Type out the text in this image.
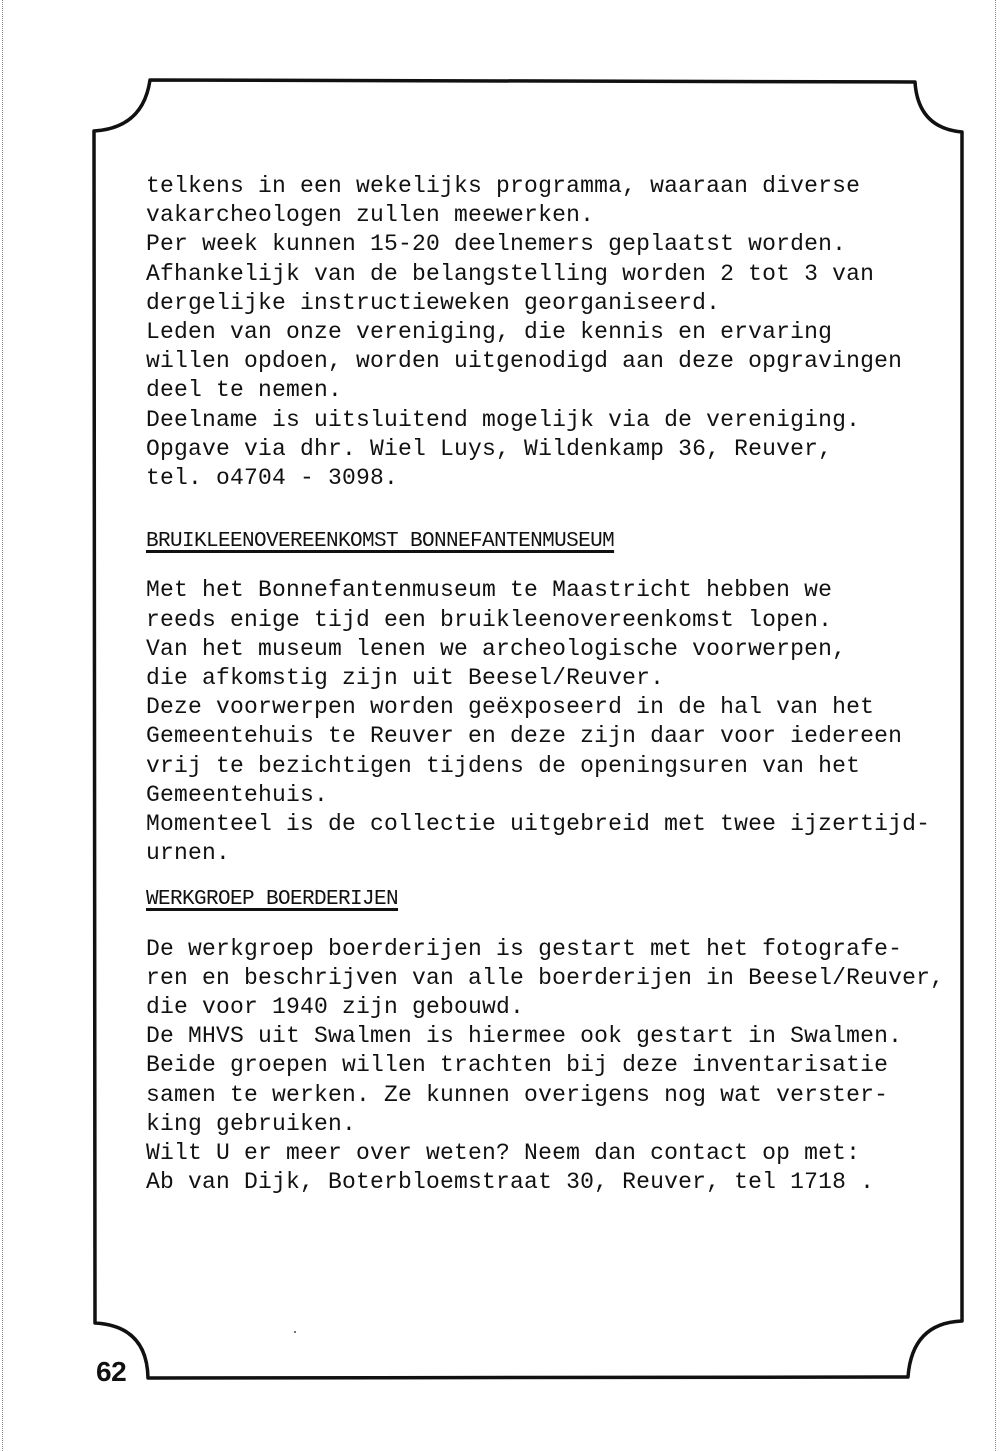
telkens in een wekelijks programma, waaraan diverse

vakarcheologen zullen meewerken.

Per week kunnen 15-20 deelnemers geplaatst worden.

Afhankelijk van de belangstelling worden 2 tot 3 van

dergelijke instructieweken georganiseerd.

Leden van onze vereniging, die kennis en ervaring

willen opdoen, worden uitgenodigd aan deze opgravingen

deel te nemen.

Deelname is uitsluitend mogelijk via de vereniging.

Opgave via dhr. Wiel Luys, Wildenkamp 36, Reuver,

tel. o4704 - 3098.

BRUIKLEENOVEREENKOMST BONNEFANTENMUSEUM

Met het Bonnefantenmuseum te Maastricht hebben we

reeds enige tijd een bruikleenovereenkomst lopen.

Van het museum lenen we archeologische voorwerpen,

die afkomstig zijn uit Beesel/Reuver.

Deze voorwerpen worden geëxposeerd in de hal van het

Gemeentehuis te Reuver en deze zijn daar voor iedereen

vrij te bezichtigen tijdens de openingsuren van het

Gemeentehuis.

Momenteel is de collectie uitgebreid met twee ijzertijd-

urnen.

WERKGROEP BOERDERIJEN

De werkgroep boerderijen is gestart met het fotografe-

ren en beschrijven van alle boerderijen in Beesel/Reuver,

die voor 1940 zijn gebouwd.

De MHVS uit Swalmen is hiermee ook gestart in Swalmen.

Beide groepen willen trachten bij deze inventarisatie

samen te werken. Ze kunnen overigens nog wat verster-

king gebruiken.

Wilt U er meer over weten? Neem dan contact op met:

Ab van Dijk, Boterbloemstraat 30, Reuver, tel 1718 .

62
